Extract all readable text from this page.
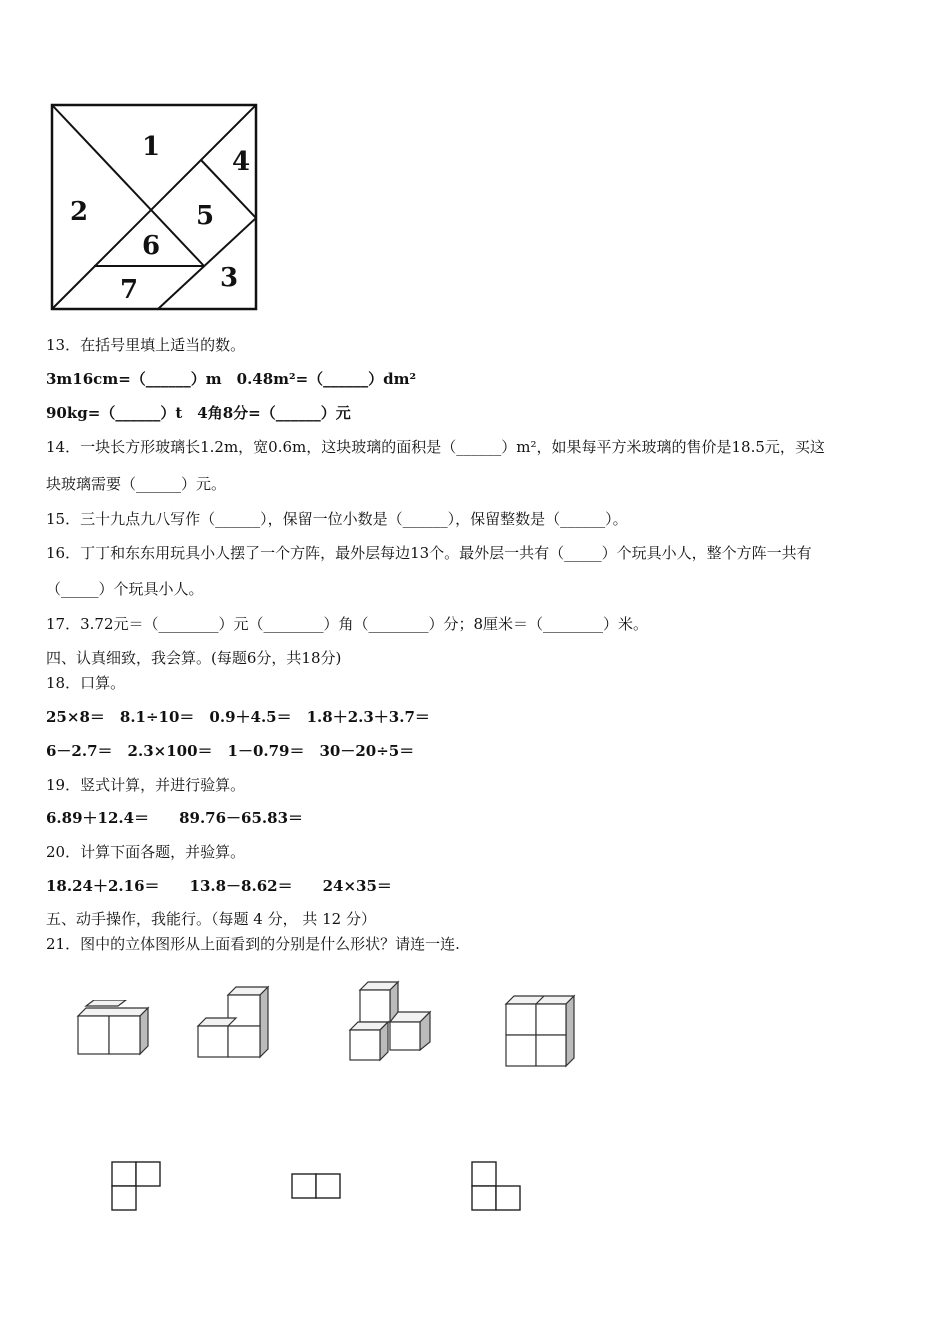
1
2
3
4
5
6
7
13．在括号里填上适当的数。
3m16cm=（______）m　0.48m²=（______）dm²
90kg=（______）t　4角8分=（______）元
14．一块长方形玻璃长1.2m，宽0.6m，这块玻璃的面积是（______）m²，如果每平方米玻璃的售价是18.5元，买这
块玻璃需要（______）元。
15．三十九点九八写作（______），保留一位小数是（______），保留整数是（______）。
16．丁丁和东东用玩具小人摆了一个方阵，最外层每边13个。最外层一共有（_____）个玩具小人，整个方阵一共有
（_____）个玩具小人。
17．3.72元＝（________）元（________）角（________）分；8厘米＝（________）米。
四、认真细致，我会算。(每题6分，共18分)
18．口算。
25×8＝　8.1÷10＝　0.9＋4.5＝　1.8＋2.3＋3.7＝
6－2.7＝　2.3×100＝　1－0.79＝　30－20÷5＝
19．竖式计算，并进行验算。
6.89＋12.4＝　　89.76－65.83＝
20．计算下面各题，并验算。
18.24＋2.16＝　　13.8－8.62＝　　24×35＝
五、动手操作，我能行。（每题 4 分， 共 12 分）
21．图中的立体图形从上面看到的分别是什么形状？请连一连.
